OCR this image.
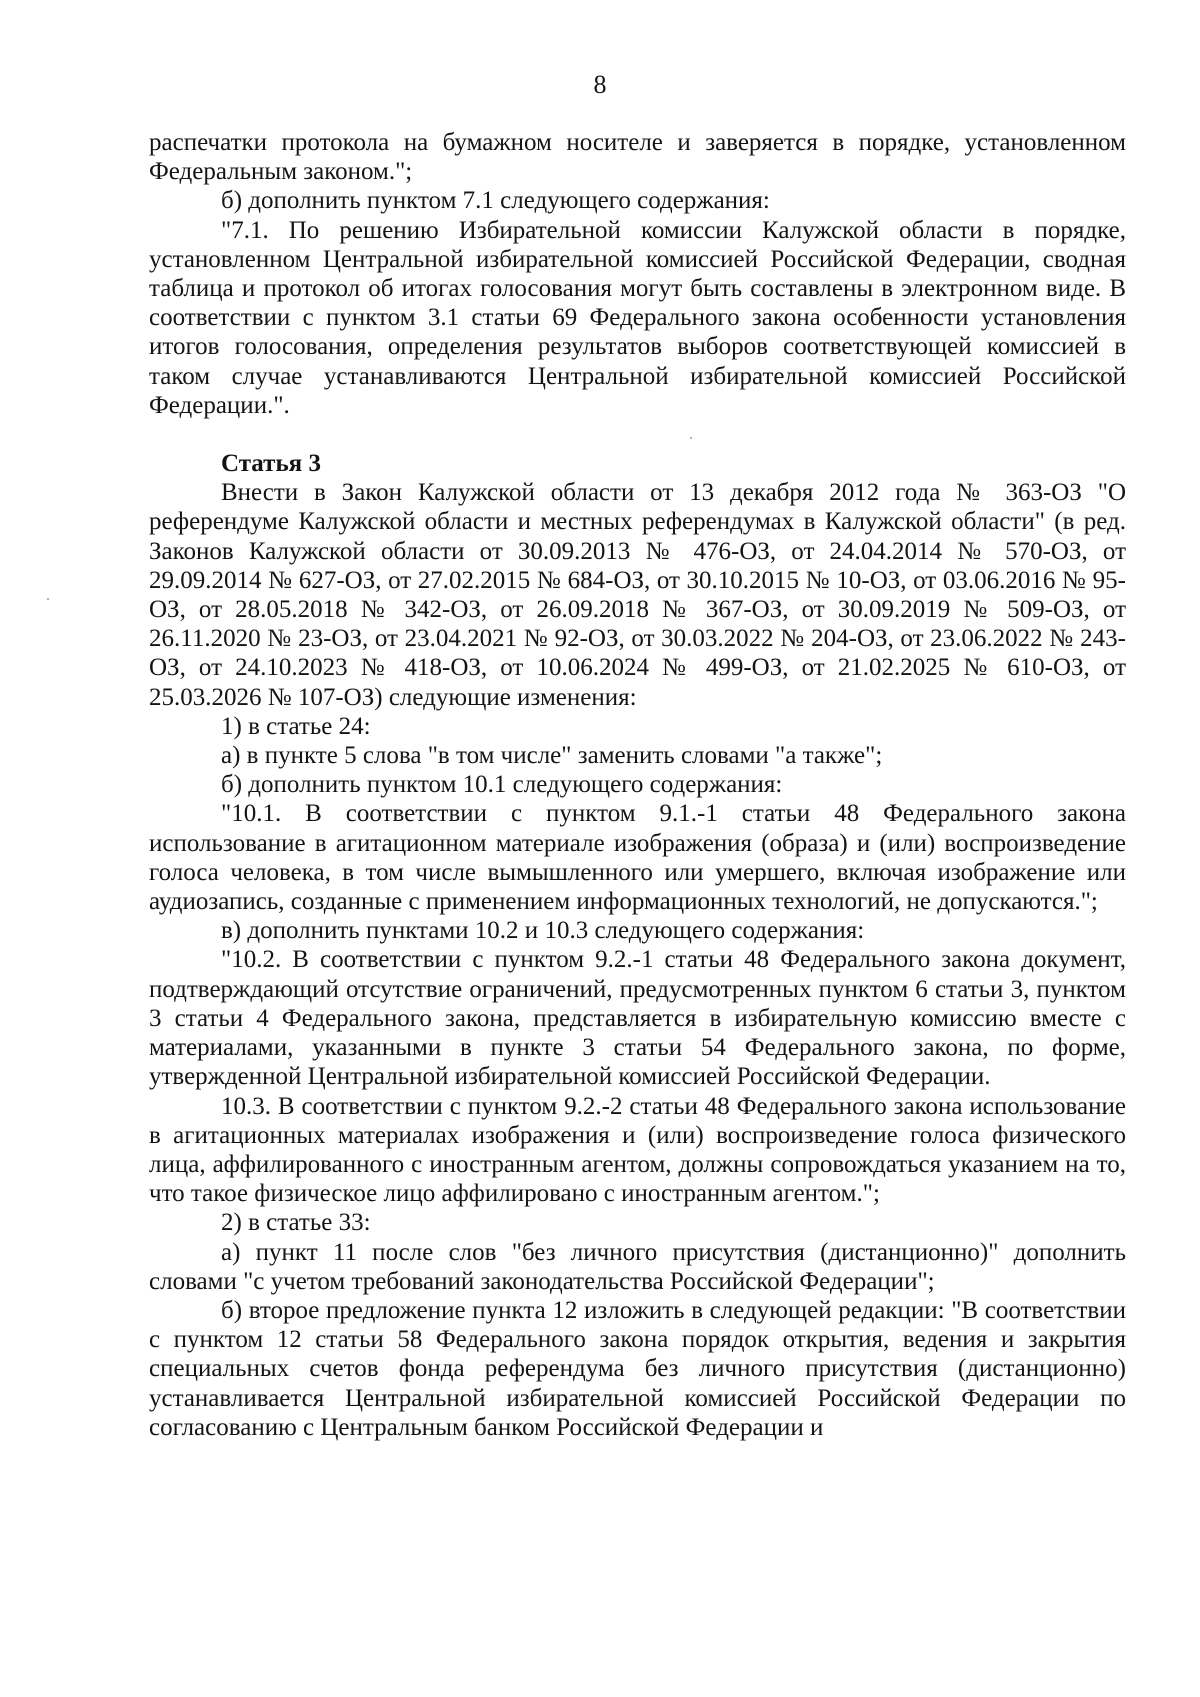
8

распечатки протокола на бумажном носителе и заверяется в порядке, установленном Федеральным законом.";

б) дополнить пунктом 7.1 следующего содержания:

"7.1. По решению Избирательной комиссии Калужской области в порядке, установленном Центральной избирательной комиссией Российской Федерации, сводная таблица и протокол об итогах голосования могут быть составлены в электронном виде. В соответствии с пунктом 3.1 статьи 69 Федерального закона особенности установления итогов голосования, определения результатов выборов соответствующей комиссией в таком случае устанавливаются Центральной избирательной комиссией Российской Федерации.".

Статья 3

Внести в Закон Калужской области от 13 декабря 2012 года № 363-ОЗ "О референдуме Калужской области и местных референдумах в Калужской области" (в ред. Законов Калужской области от 30.09.2013 № 476-ОЗ, от 24.04.2014 № 570-ОЗ, от 29.09.2014 № 627-ОЗ, от 27.02.2015 № 684-ОЗ, от 30.10.2015 № 10-ОЗ, от 03.06.2016 № 95-ОЗ, от 28.05.2018 № 342-ОЗ, от 26.09.2018 № 367-ОЗ, от 30.09.2019 № 509-ОЗ, от 26.11.2020 № 23-ОЗ, от 23.04.2021 № 92-ОЗ, от 30.03.2022 № 204-ОЗ, от 23.06.2022 № 243-ОЗ, от 24.10.2023 № 418-ОЗ, от 10.06.2024 № 499-ОЗ, от 21.02.2025 № 610-ОЗ, от 25.03.2026 № 107-ОЗ) следующие изменения:

1) в статье 24:

а) в пункте 5 слова "в том числе" заменить словами "а также";

б) дополнить пунктом 10.1 следующего содержания:

"10.1. В соответствии с пунктом 9.1.-1 статьи 48 Федерального закона использование в агитационном материале изображения (образа) и (или) воспроизведение голоса человека, в том числе вымышленного или умершего, включая изображение или аудиозапись, созданные с применением информационных технологий, не допускаются.";

в) дополнить пунктами 10.2 и 10.3 следующего содержания:

"10.2. В соответствии с пунктом 9.2.-1 статьи 48 Федерального закона документ, подтверждающий отсутствие ограничений, предусмотренных пунктом 6 статьи 3, пунктом 3 статьи 4 Федерального закона, представляется в избирательную комиссию вместе с материалами, указанными в пункте 3 статьи 54 Федерального закона, по форме, утвержденной Центральной избирательной комиссией Российской Федерации.

10.3. В соответствии с пунктом 9.2.-2 статьи 48 Федерального закона использование в агитационных материалах изображения и (или) воспроизведение голоса физического лица, аффилированного с иностранным агентом, должны сопровождаться указанием на то, что такое физическое лицо аффилировано с иностранным агентом.";

2) в статье 33:

а) пункт 11 после слов "без личного присутствия (дистанционно)" дополнить словами "с учетом требований законодательства Российской Федерации";

б) второе предложение пункта 12 изложить в следующей редакции: "В соответствии с пунктом 12 статьи 58 Федерального закона порядок открытия, ведения и закрытия специальных счетов фонда референдума без личного присутствия (дистанционно) устанавливается Центральной избирательной комиссией Российской Федерации по согласованию с Центральным банком Российской Федерации и
